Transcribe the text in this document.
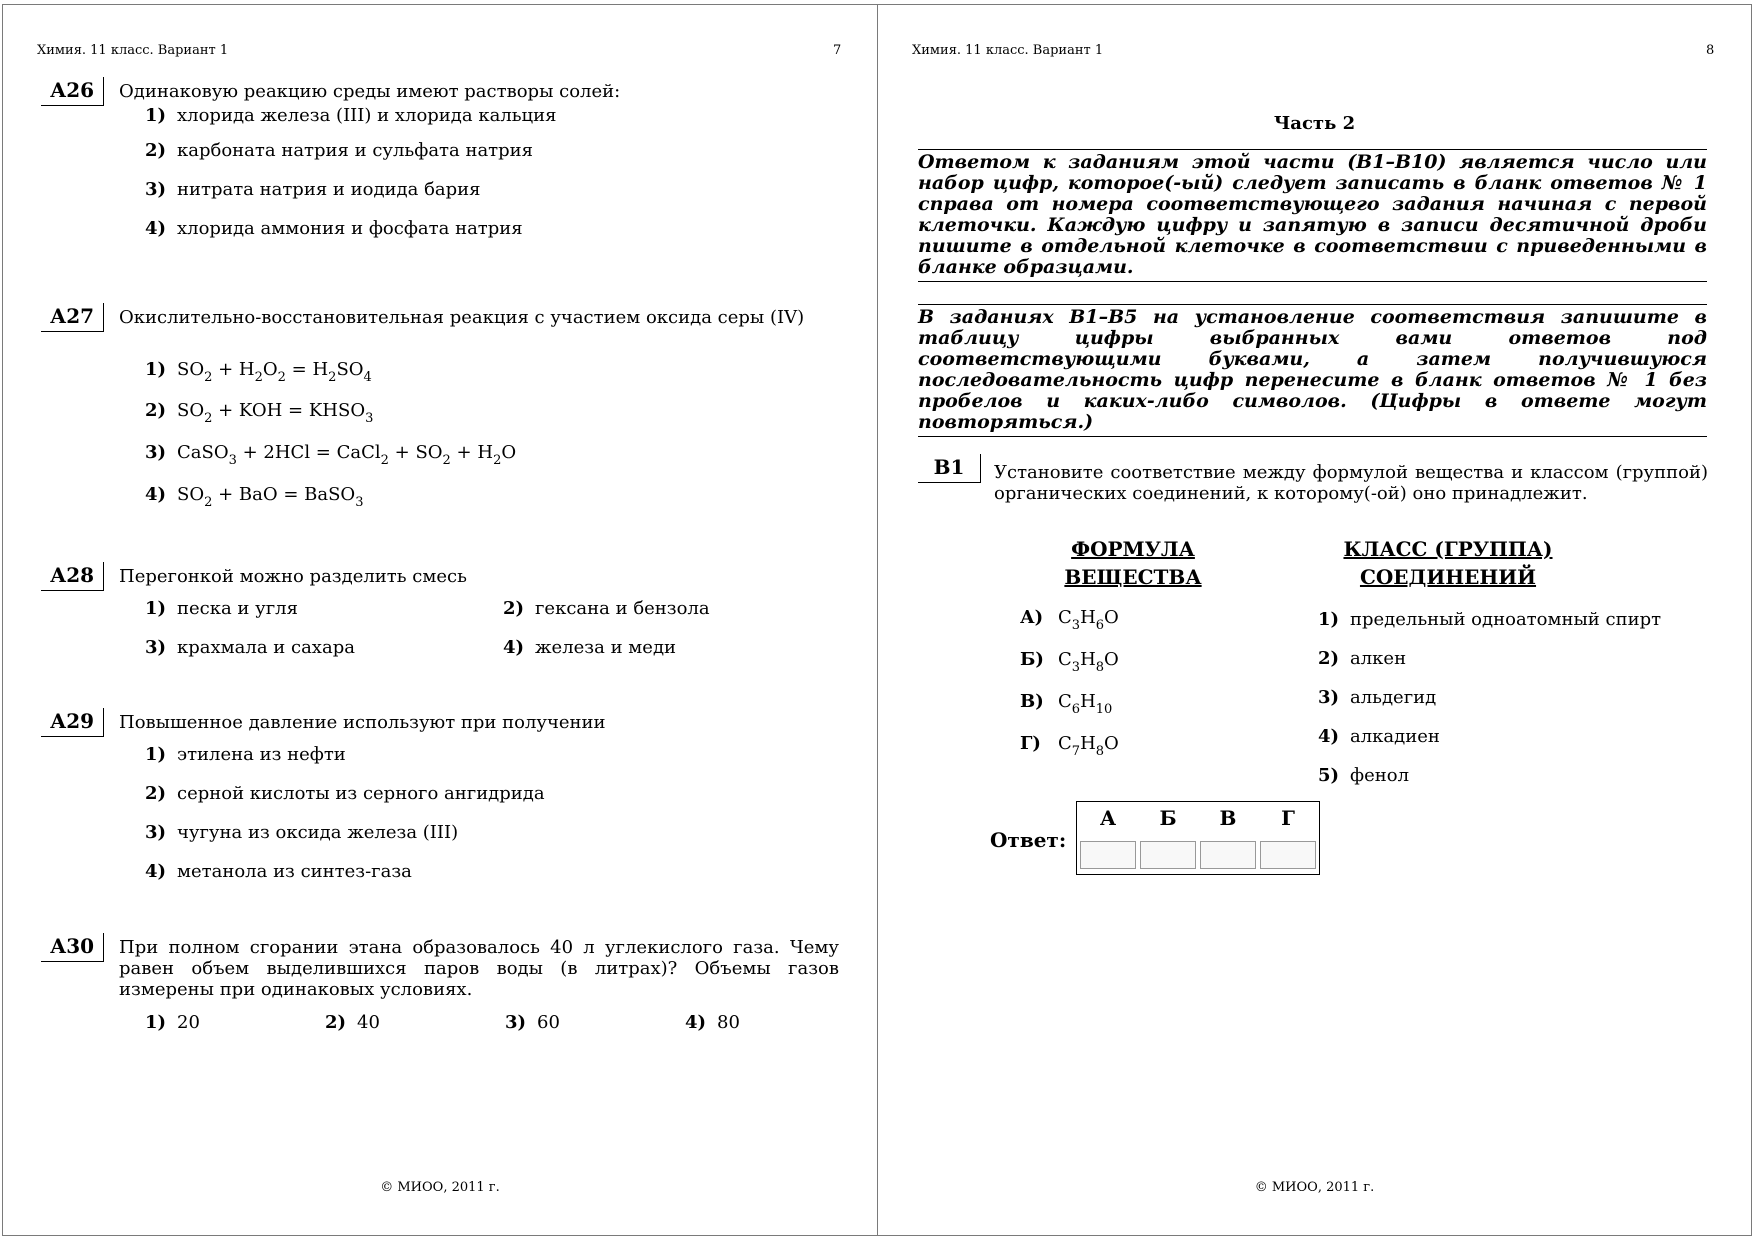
Химия. 11 класс. Вариант 1	7
А26	Одинаковую реакцию среды имеют растворы солей:
1) хлорида железа (III) и хлорида кальция
2) карбоната натрия и сульфата натрия
3) нитрата натрия и иодида бария
4) хлорида аммония и фосфата натрия
А27	Окислительно-восстановительная реакция с участием оксида серы (IV)
1) $SO_2 + H_2O_2 = H_2SO_4$
2) $SO_2$ + KOH = $KHSO_3$
3) CaSO$_3$ + 2HCl = CaCl$_2$ + $SO_2 + H_2O$
4) $SO_2$ + BaO = BaSO$_3$
А28	Перегонкой можно разделить смесь
1) песка и угля	2) гексана и бензола
3) крахмала и сахара	4) железа и меди
А29	Повышенное давление используют при получении
1) этилена из нефти
2) серной кислоты из серного ангидрида
3) чугуна из оксида железа (III)
4) метанола из синтез-газа
А30	При полном сгорании этана образовалось 40 л углекислого газа. Чему равен объем выделившихся паров воды (в литрах)? Объемы газов измерены при одинаковых условиях.
1) 20	2) 40	3) 60	4) 80
© МИОО, 2011 г.
Химия. 11 класс. Вариант 1	8
Часть 2
Ответом к заданиям этой части (В1–В10) является число или набор цифр, которое(-ый) следует записать в бланк ответов № 1 справа от номера соответствующего задания начиная с первой клеточки. Каждую цифру и запятую в записи десятичной дроби пишите в отдельной клеточке в соответствии с приведенными в бланке образцами.
В заданиях В1–В5 на установление соответствия запишите в таблицу цифры выбранных вами ответов под соответствующими буквами, а затем получившуюся последовательность цифр перенесите в бланк ответов № 1 без пробелов и каких-либо символов. (Цифры в ответе могут повторяться.)
В1	Установите соответствие между формулой вещества и классом (группой) органических соединений, к которому(-ой) оно принадлежит.
ФОРМУЛА
ВЕЩЕСТВА
КЛАСС (ГРУППА)
СОЕДИНЕНИЙ
А) $C_3H_6O$
Б) $C_3H_8O$
В) $C_6H_{10}$
Г) $C_7H_8O$
1) предельный одноатомный спирт
2) алкен
3) альдегид
4) алкадиен
5) фенол
Ответ:
А	Б	В	Г
© МИОО, 2011 г.
